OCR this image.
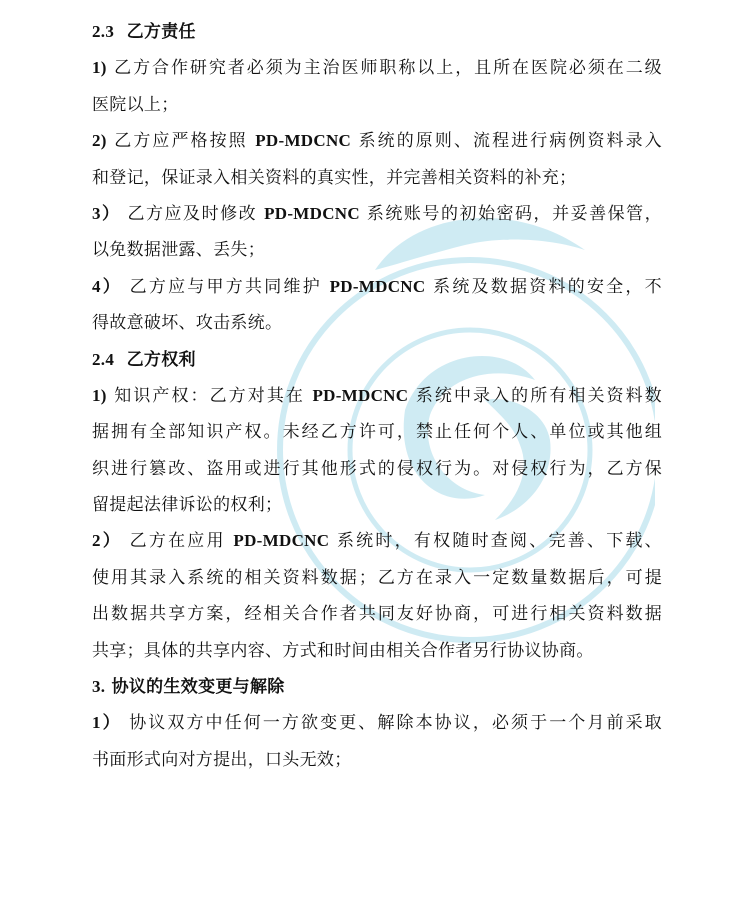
2.3 乙方责任
1) 乙方合作研究者必须为主治医师职称以上，且所在医院必须在二级
医院以上；
2) 乙方应严格按照 PD-MDCNC 系统的原则、流程进行病例资料录入
和登记，保证录入相关资料的真实性，并完善相关资料的补充；
3） 乙方应及时修改 PD-MDCNC 系统账号的初始密码，并妥善保管，
以免数据泄露、丢失；
4） 乙方应与甲方共同维护 PD-MDCNC 系统及数据资料的安全，不
得故意破坏、攻击系统。
2.4 乙方权利
1) 知识产权：乙方对其在 PD-MDCNC 系统中录入的所有相关资料数
据拥有全部知识产权。未经乙方许可，禁止任何个人、单位或其他组
织进行篡改、盗用或进行其他形式的侵权行为。对侵权行为，乙方保
留提起法律诉讼的权利；
2） 乙方在应用 PD-MDCNC 系统时，有权随时查阅、完善、下载、
使用其录入系统的相关资料数据；乙方在录入一定数量数据后，可提
出数据共享方案，经相关合作者共同友好协商，可进行相关资料数据
共享；具体的共享内容、方式和时间由相关合作者另行协议协商。
3. 协议的生效变更与解除
1） 协议双方中任何一方欲变更、解除本协议，必须于一个月前采取
书面形式向对方提出，口头无效；
